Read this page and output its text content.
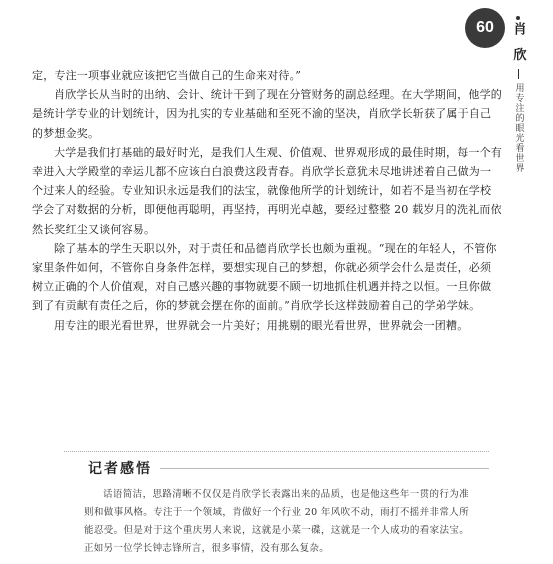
60 肖 欣
用专注的眼光看世界

定，专注一项事业就应该把它当做自己的生命来对待。”

肖欣学长从当时的出纳、会计、统计干到了现在分管财务的副总经理。在大学期间，他学的是统计学专业的计划统计，因为扎实的专业基础和至死不渝的坚决，肖欣学长斩获了属于自己的梦想金奖。

大学是我们打基础的最好时光，是我们人生观、价值观、世界观形成的最佳时期，每一个有幸进入大学殿堂的幸运儿都不应该白白浪费这段青春。肖欣学长意犹未尽地讲述着自己做为一个过来人的经验。专业知识永远是我们的法宝，就像他所学的计划统计，如若不是当初在学校学会了对数据的分析，即便他再聪明，再坚持，再明光卓越，要经过整整 20 载岁月的洗礼而依然长奖红尘又谈何容易。

除了基本的学生天职以外，对于责任和品德肖欣学长也颇为重视。“现在的年轻人，不管你家里条件如何，不管你自身条件怎样，要想实现自己的梦想，你就必须学会什么是责任，必须树立正确的个人价值观，对自己感兴趣的事物就要不顾一切地抓住机遇并持之以恒。一旦你做到了有贡献有责任之后，你的梦就会摆在你的面前。”肖欣学长这样鼓励着自己的学弟学妹。

用专注的眼光看世界，世界就会一片美好；用挑剔的眼光看世界，世界就会一团糟。

记者感悟
话语简洁，思路清晰不仅仅是肖欣学长表露出来的品质，也是他这些年一贯的行为准则和做事风格。专注于一个领域，肯做好一个行业 20 年风吹不动，雨打不摇并非常人所能忍受。但是对于这个重庆男人来说，这就是小菜一碟，这就是一个人成功的看家法宝。正如另一位学长钟志锋所言，很多事情，没有那么复杂。
